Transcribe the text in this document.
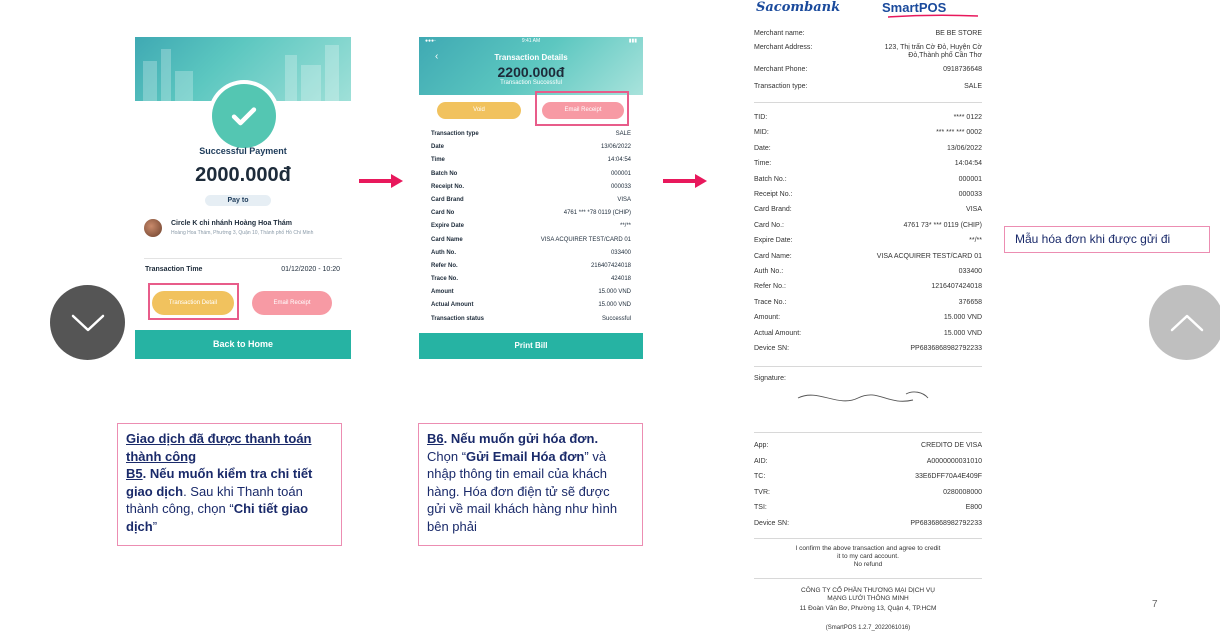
Successful Payment
2000.000đ
Pay to
Circle K chi nhánh Hoàng Hoa Thám
Hoàng Hoa Thám, Phường 3, Quận 10, Thành phố Hồ Chí Minh
Transaction Time	01/12/2020 - 10:20
Transaction Detail	Email Receipt
Back to Home
●●●◦	9:41 AM	▮▮▮
‹	Transaction Details
2200.000đ
Transaction Successful
Void	Email Receipt
Transaction type	SALE
Date	13/06/2022
Time	14:04:54
Batch No	000001
Receipt No.	000033
Card Brand	VISA
Card No	4761 *** *78 0119 (CHIP)
Expire Date	**/**
Card Name	VISA ACQUIRER TEST/CARD 01
Auth No.	033400
Refer No.	216407424018
Trace No.	424018
Amount	15.000 VND
Actual Amount	15.000 VND
Transaction status	Successful
Print Bill
Sacombank	SmartPOS
Merchant name:	BE BE STORE
Merchant Address:	123, Thị trấn Cờ Đỏ, Huyện Cờ Đỏ,Thành phố Cần Thơ
Merchant Phone:	0918736648
Transaction type:	SALE
TID:	**** 0122
MID:	*** *** *** 0002
Date:	13/06/2022
Time:	14:04:54
Batch No.:	000001
Receipt No.:	000033
Card Brand:	VISA
Card No.:	4761 73* *** 0119 (CHIP)
Expire Date:	**/**
Card Name:	VISA ACQUIRER TEST/CARD 01
Auth No.:	033400
Refer No.:	1216407424018
Trace No.:	376658
Amount:	15.000 VND
Actual Amount:	15.000 VND
Device SN:	PP6836868982792233
Signature:
App:	CREDITO DE VISA
AID:	A0000000031010
TC:	33E6DFF70A4E409F
TVR:	0280008000
TSI:	E800
Device SN:	PP6836868982792233
I confirm the above transaction and agree to credit
it to my card account.
No refund
CÔNG TY CỔ PHẦN THƯƠNG MẠI DỊCH VỤ
MẠNG LƯỚI THÔNG MINH
11 Đoàn Văn Bơ, Phường 13, Quận 4, TP.HCM
(SmartPOS 1.2.7_20220610​16)
Mẫu hóa đơn khi được gửi đi
Giao dịch đã được thanh toán
thành công
B5. Nếu muốn kiểm tra chi tiết
giao dịch. Sau khi Thanh toán
thành công, chọn “Chi tiết giao
dịch”
B6. Nếu muốn gửi hóa đơn.
Chọn “Gửi Email Hóa đơn” và
nhập thông tin email của khách
hàng. Hóa đơn điện tử sẽ được
gửi về mail khách hàng như hình
bên phải
7
